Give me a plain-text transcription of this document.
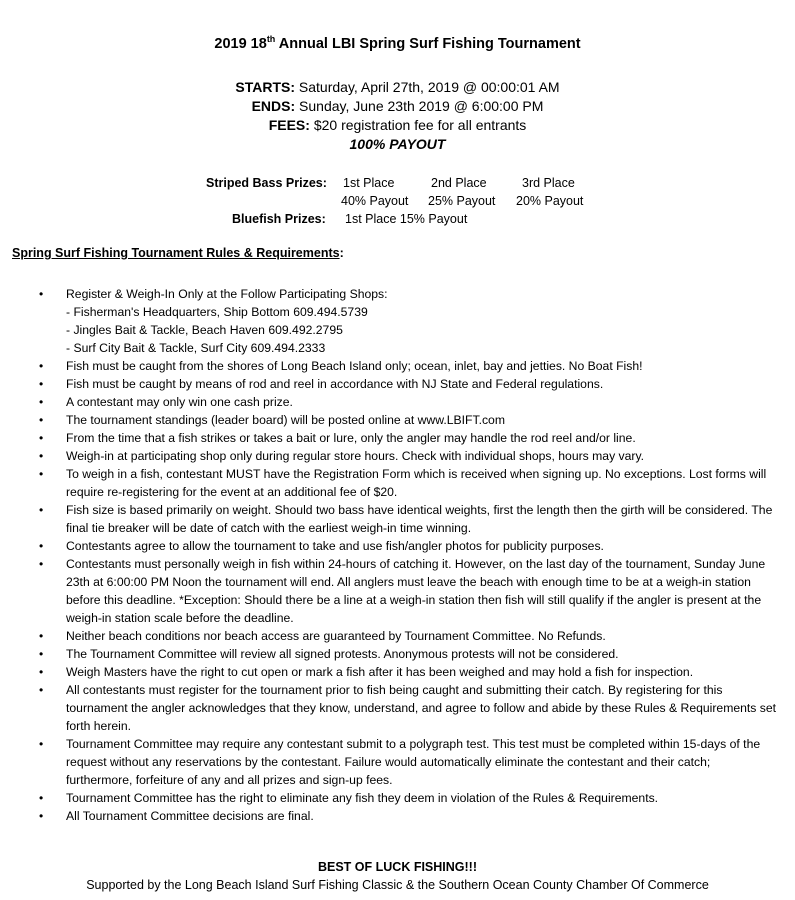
2019 18th Annual LBI Spring Surf Fishing Tournament
STARTS: Saturday, April 27th, 2019 @ 00:00:01 AM
ENDS: Sunday, June 23th 2019 @ 6:00:00 PM
FEES: $20 registration fee for all entrants
100% PAYOUT
Striped Bass Prizes: 1st Place	2nd Place	3rd Place
40% Payout 25% Payout 20% Payout
Bluefish Prizes: 1st Place 15% Payout
Spring Surf Fishing Tournament Rules & Requirements:
• Register & Weigh-In Only at the Follow Participating Shops:
- Fisherman's Headquarters, Ship Bottom 609.494.5739
- Jingles Bait & Tackle, Beach Haven 609.492.2795
- Surf City Bait & Tackle, Surf City 609.494.2333
• Fish must be caught from the shores of Long Beach Island only; ocean, inlet, bay and jetties. No Boat Fish!
• Fish must be caught by means of rod and reel in accordance with NJ State and Federal regulations.
• A contestant may only win one cash prize.
• The tournament standings (leader board) will be posted online at www.LBIFT.com
• From the time that a fish strikes or takes a bait or lure, only the angler may handle the rod reel and/or line.
• Weigh-in at participating shop only during regular store hours. Check with individual shops, hours may vary.
• To weigh in a fish, contestant MUST have the Registration Form which is received when signing up. No exceptions. Lost forms will require re-registering for the event at an additional fee of $20.
• Fish size is based primarily on weight. Should two bass have identical weights, first the length then the girth will be considered. The final tie breaker will be date of catch with the earliest weigh-in time winning.
• Contestants agree to allow the tournament to take and use fish/angler photos for publicity purposes.
• Contestants must personally weigh in fish within 24-hours of catching it. However, on the last day of the tournament, Sunday June 23th at 6:00:00 PM Noon the tournament will end. All anglers must leave the beach with enough time to be at a weigh-in station before this deadline. *Exception: Should there be a line at a weigh-in station then fish will still qualify if the angler is present at the weigh-in station scale before the deadline.
• Neither beach conditions nor beach access are guaranteed by Tournament Committee. No Refunds.
• The Tournament Committee will review all signed protests. Anonymous protests will not be considered.
• Weigh Masters have the right to cut open or mark a fish after it has been weighed and may hold a fish for inspection.
• All contestants must register for the tournament prior to fish being caught and submitting their catch. By registering for this tournament the angler acknowledges that they know, understand, and agree to follow and abide by these Rules & Requirements set forth herein.
• Tournament Committee may require any contestant submit to a polygraph test. This test must be completed within 15-days of the request without any reservations by the contestant. Failure would automatically eliminate the contestant and their catch; furthermore, forfeiture of any and all prizes and sign-up fees.
• Tournament Committee has the right to eliminate any fish they deem in violation of the Rules & Requirements.
• All Tournament Committee decisions are final.
BEST OF LUCK FISHING!!!
Supported by the Long Beach Island Surf Fishing Classic & the Southern Ocean County Chamber Of Commerce
